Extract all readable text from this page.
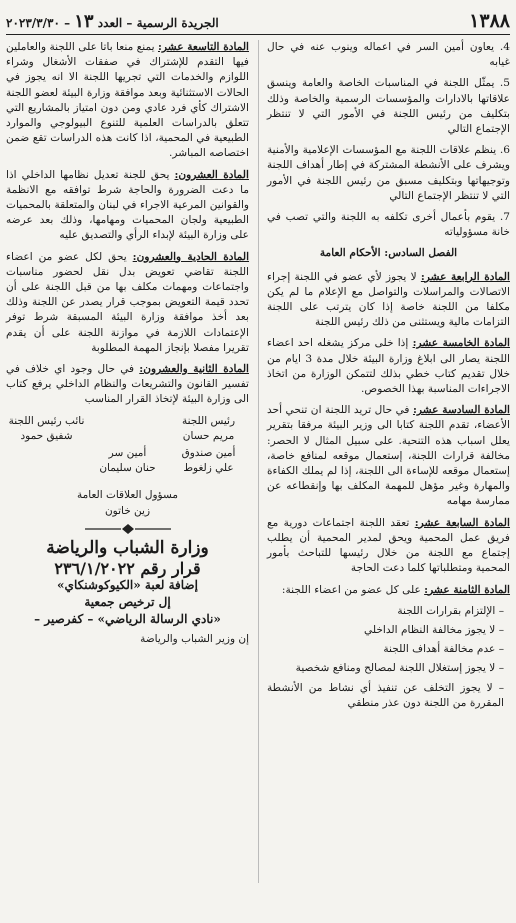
١٣٨٨
الجريدة الرسمية – العدد ١٣ – ٢٠٢٣/٣/٣٠

4. يعاون أمين السر في اعماله وينوب عنه في حال غيابه

5. يمثّل اللجنة في المناسبات الخاصة والعامة وينسق علاقاتها بالادارات والمؤسسات الرسمية والخاصة وذلك بتكليف من رئيس اللجنة في الأمور التي لا تنتظر الإجتماع التالي

6. ينظم علاقات اللجنة مع المؤسسات الإعلامية والأمنية ويشرف على الأنشطة المشتركة في إطار أهداف اللجنة وتوجيهاتها وبتكليف مسبق من رئيس اللجنة في الأمور التي لا تنتظر الإجتماع التالي

7. يقوم بأعمال أخرى تكلفه به اللجنة والتي تصب في خانة مسؤولياته

الفصل السادس: الأحكام العامة

المادة الرابعة عشر: لا يجوز لأي عضو في اللجنة إجراء الاتصالات والمراسلات والتواصل مع الإعلام ما لم يكن مكلفا من اللجنة خاصة إذا كان يترتب على اللجنة التزامات مالية ويستثنى من ذلك رئيس اللجنة

المادة الخامسة عشر: إذا خلى مركز يشغله احد اعضاء اللجنة يصار الى ابلاغ وزارة البيئة خلال مدة 3 ايام من خلال تقديم كتاب خطي بذلك لتتمكن الوزارة من اتخاذ الاجراءات المناسبة بهذا الخصوص.

المادة السادسة عشر: في حال تريد اللجنة ان تنحي أحد الأعضاء، تقدم اللجنة كتابا الى وزير البيئة مرفقا بتقرير يعلل اسباب هذه التنحية. على سبيل المثال لا الحصر: مخالفة قرارات اللجنة، إستعمال موقعه لمنافع خاصة، إستعمال موقعه للإساءة الى اللجنة، إذا لم يملك الكفاءة والمهارة وغير مؤهل للمهمة المكلف بها وإنقطاعه عن ممارسة مهامه

المادة السابعة عشر: تعقد اللجنة اجتماعات دورية مع فريق عمل المحمية ويحق لمدير المحمية أن يطلب إجتماع مع اللجنة من خلال رئيسها للتباحث بأمور المحمية ومتطلباتها كلما دعت الحاجة

المادة الثامنة عشر: على كل عضو من اعضاء اللجنة:

– الإلتزام بقرارات اللجنة
– لا يجوز مخالفة النظام الداخلي
– عدم مخالفة أهداف اللجنة
– لا يجوز إستغلال اللجنة لمصالح ومنافع شخصية
– لا يجوز التخلف عن تنفيذ أي نشاط من الأنشطة المقررة من اللجنة دون عذر منطقي

المادة التاسعة عشر: يمنع منعا باتا على اللجنة والعاملين فيها التقدم للإشتراك في صفقات الأشغال وشراء اللوازم والخدمات التي تجريها اللجنة الا انه يجوز في الحالات الاستثنائية وبعد موافقة وزارة البيئة لعضو اللجنة الاشتراك كأي فرد عادي ومن دون امتياز بالمشاريع التي تتعلق بالدراسات العلمية للتنوع البيولوجي والموارد الطبيعية في المحمية، اذا كانت هذه الدراسات تقع ضمن اختصاصه المباشر.

المادة العشرون: يحق للجنة تعديل نظامها الداخلي اذا ما دعت الضرورة والحاجة شرط توافقه مع الانظمة والقوانين المرعية الاجراء في لبنان والمتعلقة بالمحميات الطبيعية ولجان المحميات ومهامها، وذلك بعد عرضه على وزارة البيئة لإبداء الرأي والتصديق عليه

المادة الحادية والعشرون: يحق لكل عضو من اعضاء اللجنة تقاضي تعويض بدل نقل لحضور مناسبات واجتماعات ومهمات مكلف بها من قبل اللجنة على أن تحدد قيمة التعويض بموجب قرار يصدر عن اللجنة وذلك بعد أخذ موافقة وزارة البيئة المسبقة شرط توفر الإعتمادات اللازمة في موازنة اللجنة على أن يقدم تقريرا مفصلا بإنجاز المهمة المطلوبة

المادة الثانية والعشرون: في حال وجود اي خلاف في تفسير القانون والتشريعات والنظام الداخلي يرفع كتاب الى وزارة البيئة لإتخاذ القرار المناسب

رئيس اللجنة
مريم حسان
نائب رئيس اللجنة
شفيق حمود
أمين صندوق
علي زلغوط
أمين سر
حنان سليمان
مسؤول العلاقات العامة
زين خاتون
وزارة الشباب والرياضة
قرار رقم ٢٣٦/١/٢٠٢٢
إضافة لعبة «الكيوكوشنكاي»
إل ترخيص جمعية
«نادي الرسالة الرياضي» – كفرصير –
إن وزير الشباب والرياضة
